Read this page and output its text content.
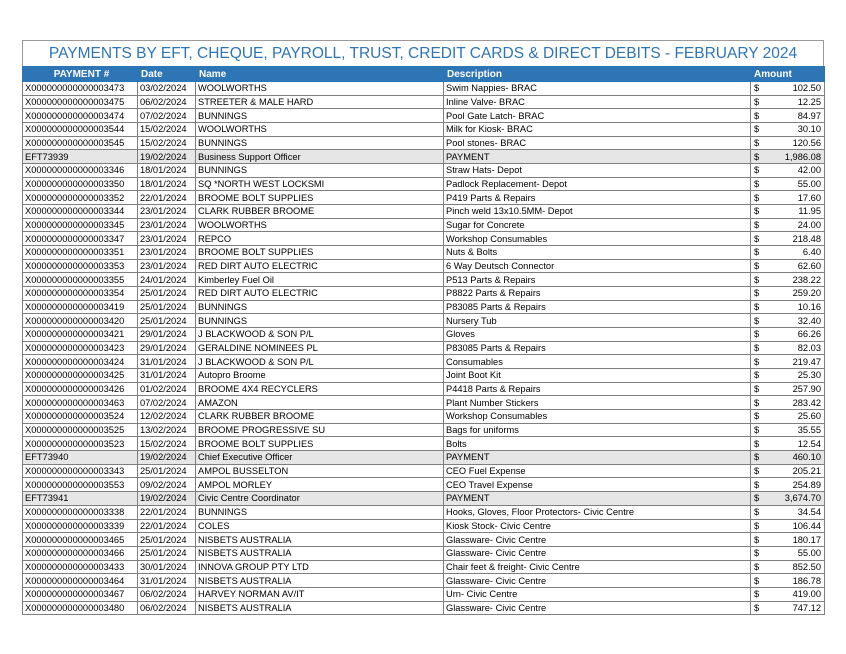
PAYMENTS BY EFT, CHEQUE, PAYROLL, TRUST, CREDIT CARDS & DIRECT DEBITS - FEBRUARY 2024
PAYMENT #	Date	Name	Description	Amount
X000000000000003473	03/02/2024	WOOLWORTHS	Swim Nappies- BRAC	$ 102.50

X000000000000003475	06/02/2024	STREETER & MALE HARD	Inline Valve- BRAC	$ 12.25

X000000000000003474	07/02/2024	BUNNINGS	Pool Gate Latch- BRAC	$ 84.97

X000000000000003544	15/02/2024	WOOLWORTHS	Milk for Kiosk- BRAC	$ 30.10

X000000000000003545	15/02/2024	BUNNINGS	Pool stones- BRAC	$ 120.56

EFT73939	19/02/2024	Business Support Officer	PAYMENT	$ 1,986.08

X000000000000003346	18/01/2024	BUNNINGS	Straw Hats- Depot	$ 42.00

X000000000000003350	18/01/2024	SQ *NORTH WEST LOCKSMI	Padlock Replacement- Depot	$ 55.00

X000000000000003352	22/01/2024	BROOME BOLT SUPPLIES	P419 Parts & Repairs	$ 17.60

X000000000000003344	23/01/2024	CLARK RUBBER BROOME	Pinch weld 13x10.5MM- Depot	$ 11.95

X000000000000003345	23/01/2024	WOOLWORTHS	Sugar for Concrete	$ 24.00

X000000000000003347	23/01/2024	REPCO	Workshop Consumables	$ 218.48

X000000000000003351	23/01/2024	BROOME BOLT SUPPLIES	Nuts & Bolts	$ 6.40

X000000000000003353	23/01/2024	RED DIRT AUTO ELECTRIC	6 Way Deutsch Connector	$ 62.60

X000000000000003355	24/01/2024	Kimberley Fuel Oil	P513 Parts & Repairs	$ 238.22

X000000000000003354	25/01/2024	RED DIRT AUTO ELECTRIC	P8822 Parts & Repairs	$ 259.20

X000000000000003419	25/01/2024	BUNNINGS	P83085 Parts & Repairs	$ 10.16

X000000000000003420	25/01/2024	BUNNINGS	Nursery Tub	$ 32.40

X000000000000003421	29/01/2024	J BLACKWOOD & SON P/L	Gloves	$ 66.26

X000000000000003423	29/01/2024	GERALDINE NOMINEES PL	P83085 Parts & Repairs	$ 82.03

X000000000000003424	31/01/2024	J BLACKWOOD & SON P/L	Consumables	$ 219.47

X000000000000003425	31/01/2024	Autopro Broome	Joint Boot Kit	$ 25.30

X000000000000003426	01/02/2024	BROOME 4X4 RECYCLERS	P4418 Parts & Repairs	$ 257.90

X000000000000003463	07/02/2024	AMAZON	Plant Number Stickers	$ 283.42

X000000000000003524	12/02/2024	CLARK RUBBER BROOME	Workshop Consumables	$ 25.60

X000000000000003525	13/02/2024	BROOME PROGRESSIVE SU	Bags for uniforms	$ 35.55

X000000000000003523	15/02/2024	BROOME BOLT SUPPLIES	Bolts	$ 12.54

EFT73940	19/02/2024	Chief Executive Officer	PAYMENT	$ 460.10

X000000000000003343	25/01/2024	AMPOL BUSSELTON	CEO Fuel Expense	$ 205.21

X000000000000003553	09/02/2024	AMPOL MORLEY	CEO Travel Expense	$ 254.89

EFT73941	19/02/2024	Civic Centre Coordinator	PAYMENT	$ 3,674.70

X000000000000003338	22/01/2024	BUNNINGS	Hooks, Gloves, Floor Protectors- Civic Centre	$ 34.54

X000000000000003339	22/01/2024	COLES	Kiosk Stock- Civic Centre	$ 106.44

X000000000000003465	25/01/2024	NISBETS AUSTRALIA	Glassware- Civic Centre	$ 180.17

X000000000000003466	25/01/2024	NISBETS AUSTRALIA	Glassware- Civic Centre	$ 55.00

X000000000000003433	30/01/2024	INNOVA GROUP PTY LTD	Chair feet & freight- Civic Centre	$ 852.50

X000000000000003464	31/01/2024	NISBETS AUSTRALIA	Glassware- Civic Centre	$ 186.78

X000000000000003467	06/02/2024	HARVEY NORMAN AV/IT	Urn- Civic Centre	$ 419.00

X000000000000003480	06/02/2024	NISBETS AUSTRALIA	Glassware- Civic Centre	$ 747.12
